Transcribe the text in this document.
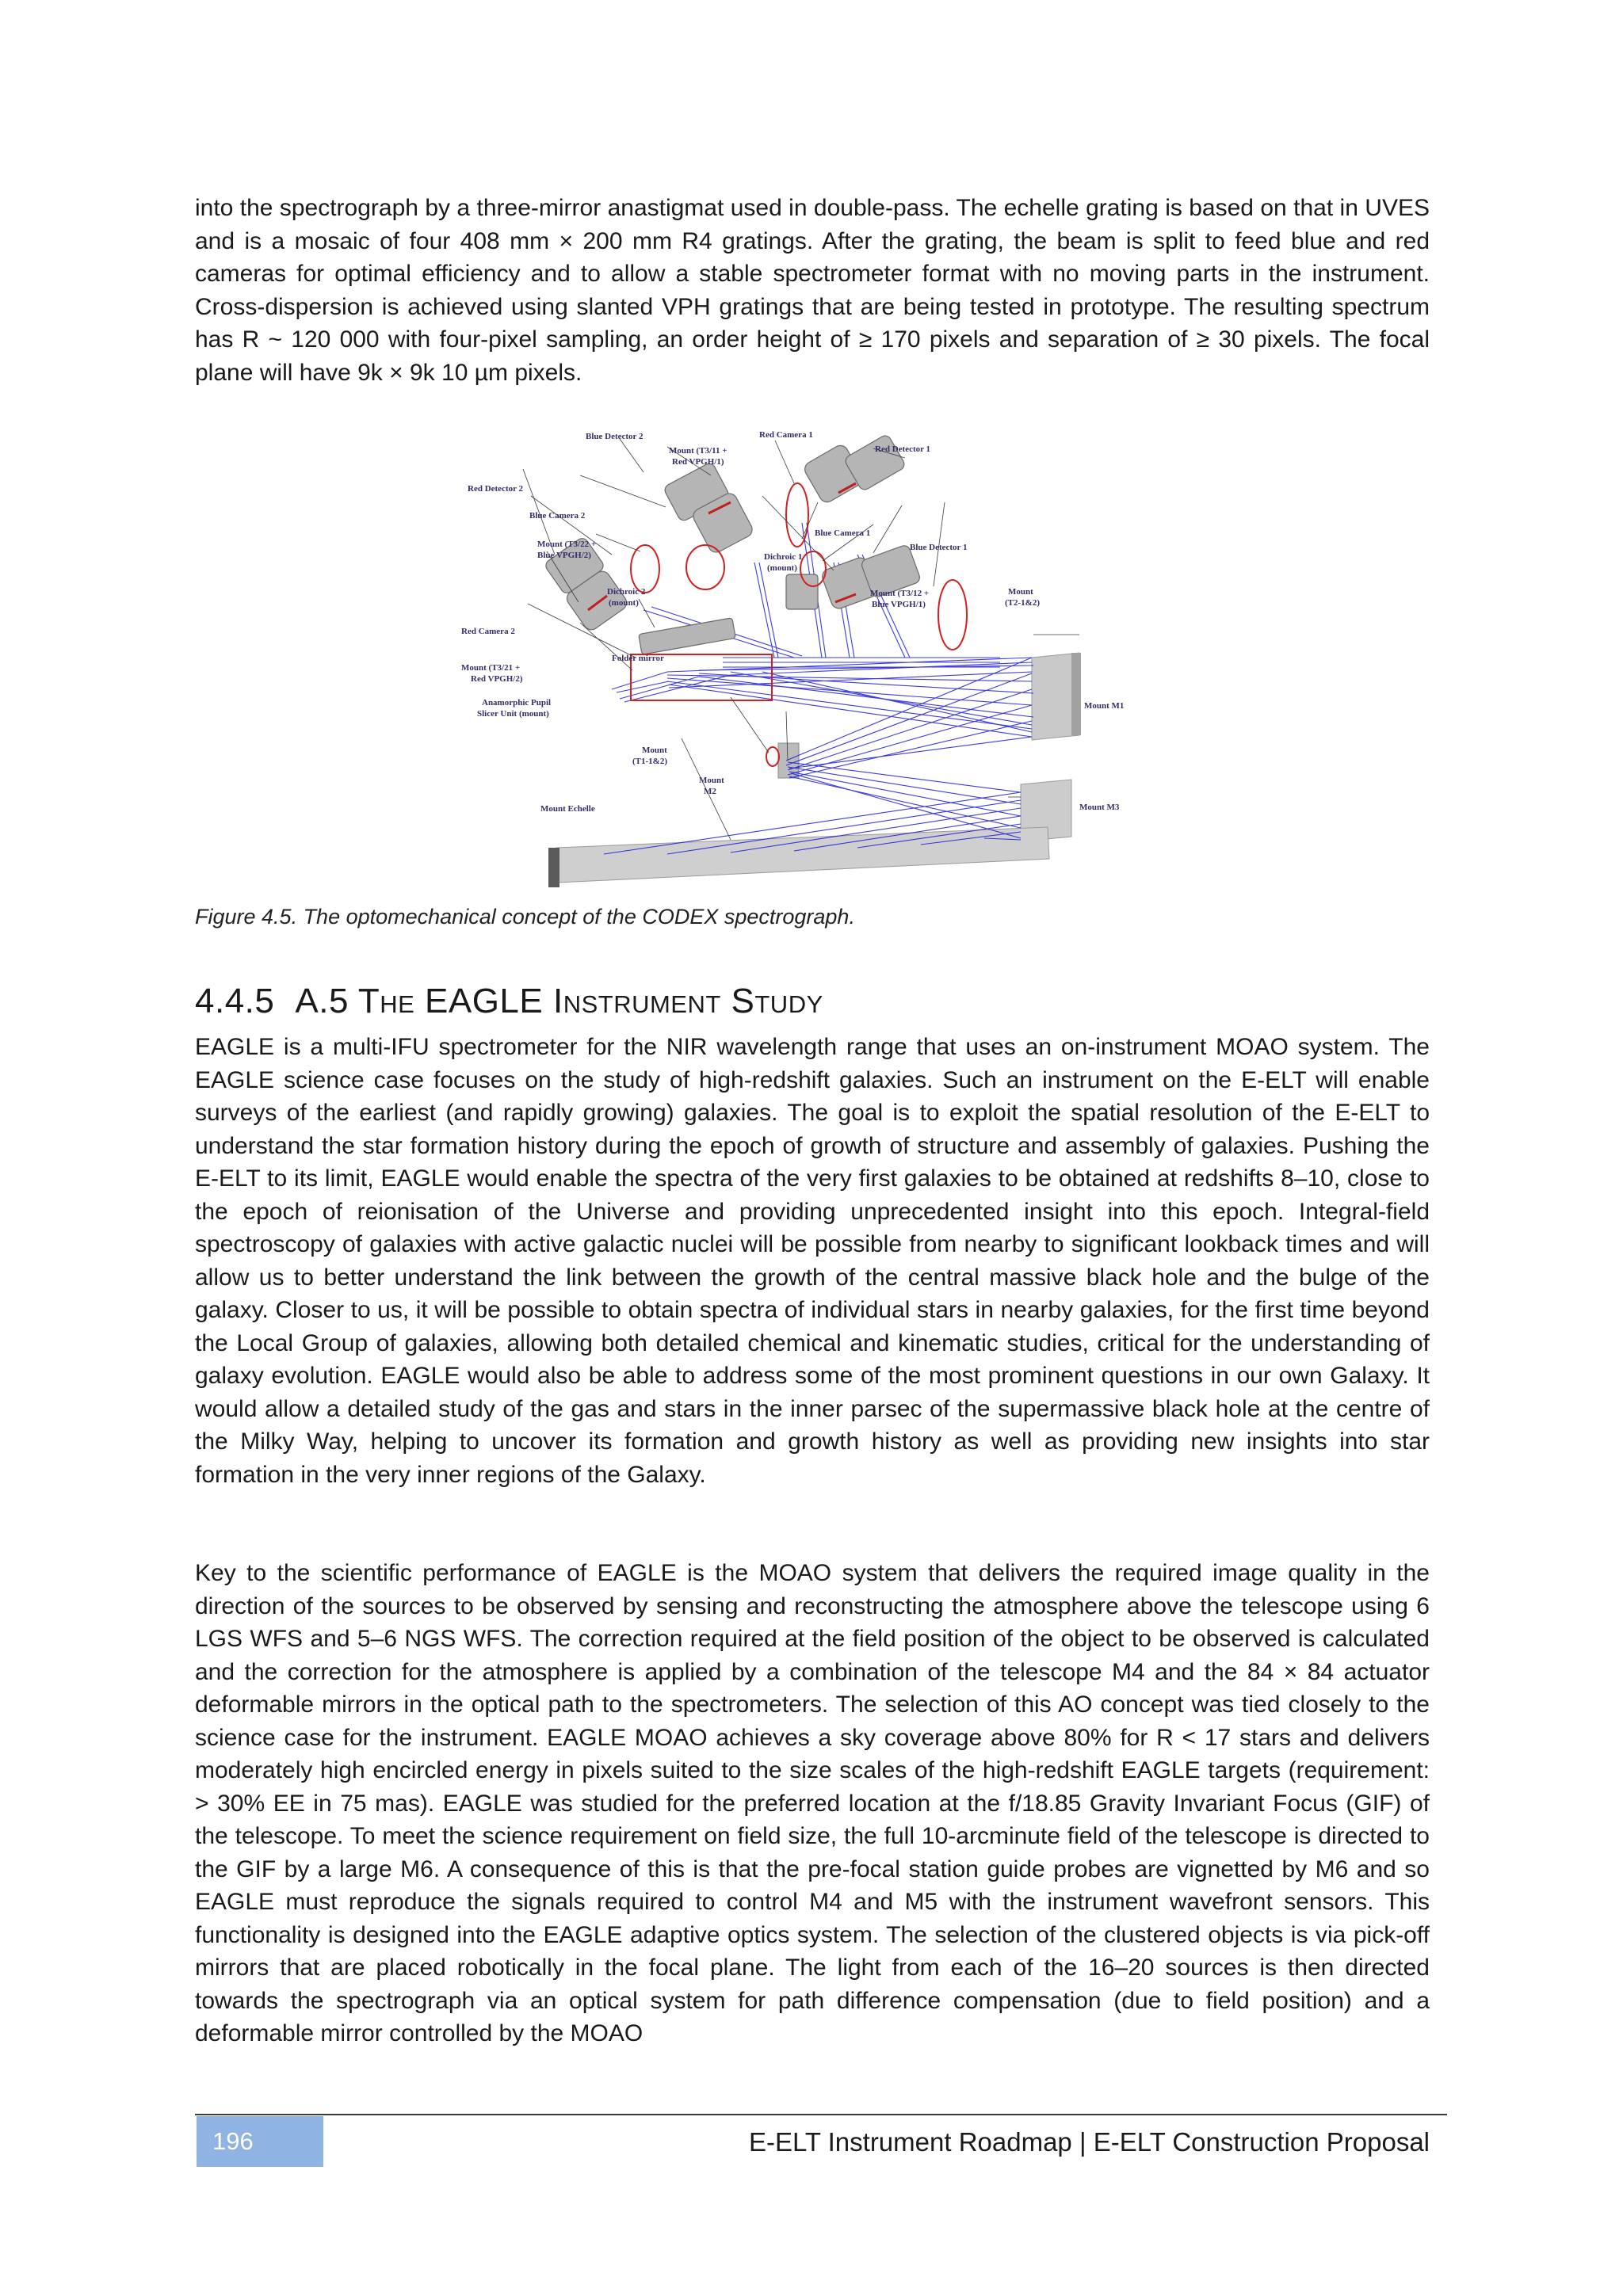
into the spectrograph by a three-mirror anastigmat used in double-pass. The echelle grating is based on that in UVES and is a mosaic of four 408 mm × 200 mm R4 gratings. After the grating, the beam is split to feed blue and red cameras for optimal efficiency and to allow a stable spectrometer format with no moving parts in the instrument. Cross-dispersion is achieved using slanted VPH gratings that are being tested in prototype. The resulting spectrum has R ~ 120 000 with four-pixel sampling, an order height of ≥ 170 pixels and separation of ≥ 30 pixels. The focal plane will have 9k × 9k 10 µm pixels.

Blue Detector 2	Red Camera 1
Mount (T3/11 +
Red VPGH/1)
Red Detector 1
Red Detector 2
Blue Camera 2
Blue Camera 1
Mount (T3/22 +
Blue VPGH/2)	Dichroic 1
(mount)
Blue Detector 1
Mount
(T2-1&2)
Dichroic 2
(mount)
Mount (T3/12 +
Blue VPGH/1)
Red Camera 2
Folder mirror
Mount (T3/21 +
Red VPGH/2)
Anamorphic Pupil
Slicer Unit (mount)
Mount M1
Mount
(T1-1&2)
Mount
M2
Mount Echelle	Mount M3
Figure 4.5. The optomechanical concept of the CODEX spectrograph.
4.4.5 A.5 The EAGLE Instrument Study

EAGLE is a multi-IFU spectrometer for the NIR wavelength range that uses an on-instrument MOAO system. The EAGLE science case focuses on the study of high-redshift galaxies. Such an instrument on the E-ELT will enable surveys of the earliest (and rapidly growing) galaxies. The goal is to exploit the spatial resolution of the E-ELT to understand the star formation history during the epoch of growth of structure and assembly of galaxies. Pushing the E-ELT to its limit, EAGLE would enable the spectra of the very first galaxies to be obtained at redshifts 8–10, close to the epoch of reionisation of the Universe and providing unprecedented insight into this epoch. Integral-field spectroscopy of galaxies with active galactic nuclei will be possible from nearby to significant lookback times and will allow us to better understand the link between the growth of the central massive black hole and the bulge of the galaxy. Closer to us, it will be possible to obtain spectra of individual stars in nearby galaxies, for the first time beyond the Local Group of galaxies, allowing both detailed chemical and kinematic studies, critical for the understanding of galaxy evolution. EAGLE would also be able to address some of the most prominent questions in our own Galaxy. It would allow a detailed study of the gas and stars in the inner parsec of the supermassive black hole at the centre of the Milky Way, helping to uncover its formation and growth history as well as providing new insights into star formation in the very inner regions of the Galaxy.

Key to the scientific performance of EAGLE is the MOAO system that delivers the required image quality in the direction of the sources to be observed by sensing and reconstructing the atmosphere above the telescope using 6 LGS WFS and 5–6 NGS WFS. The correction required at the field position of the object to be observed is calculated and the correction for the atmosphere is applied by a combination of the telescope M4 and the 84 × 84 actuator deformable mirrors in the optical path to the spectrometers. The selection of this AO concept was tied closely to the science case for the instrument. EAGLE MOAO achieves a sky coverage above 80% for R < 17 stars and delivers moderately high encircled energy in pixels suited to the size scales of the high-redshift EAGLE targets (requirement: > 30% EE in 75 mas). EAGLE was studied for the preferred location at the f/18.85 Gravity Invariant Focus (GIF) of the telescope. To meet the science requirement on field size, the full 10-arcminute field of the telescope is directed to the GIF by a large M6. A consequence of this is that the pre-focal station guide probes are vignetted by M6 and so EAGLE must reproduce the signals required to control M4 and M5 with the instrument wavefront sensors. This functionality is designed into the EAGLE adaptive optics system. The selection of the clustered objects is via pick-off mirrors that are placed robotically in the focal plane. The light from each of the 16–20 sources is then directed towards the spectrograph via an optical system for path difference compensation (due to field position) and a deformable mirror controlled by the MOAO

196	E-ELT Instrument Roadmap | E-ELT Construction Proposal
